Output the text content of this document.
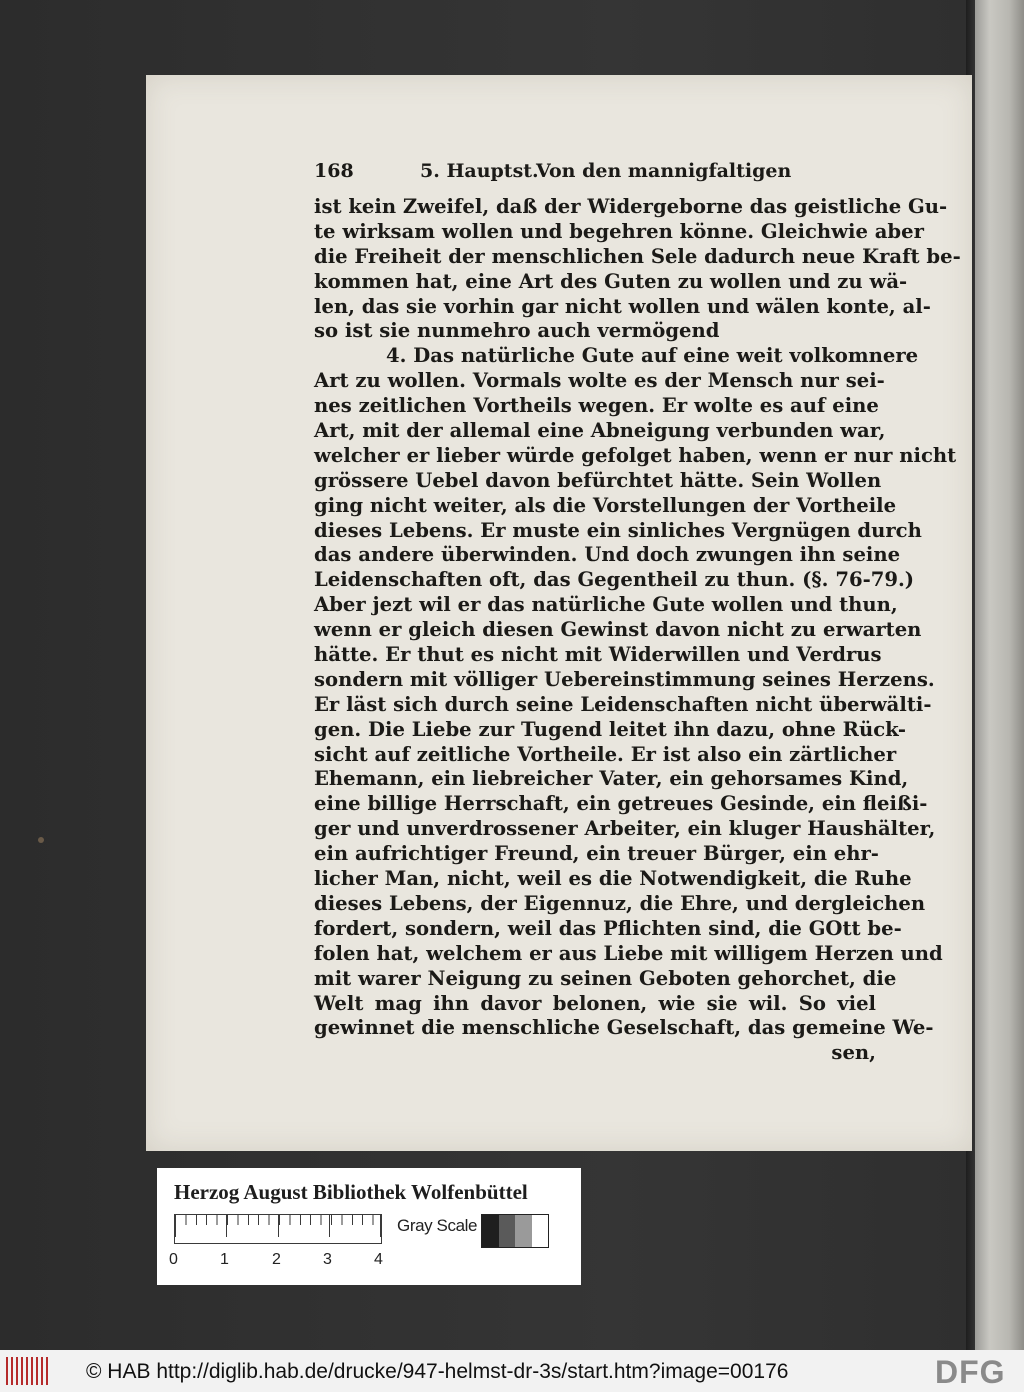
168	5. Hauptst.
Von den mannigfaltigen
ist kein Zweifel, daß der Widergeborne das geistliche Gu-
te wirksam wollen und begehren könne. Gleichwie aber
die Freiheit der menschlichen Sele dadurch neue Kraft be-
kommen hat, eine Art des Guten zu wollen und zu wä-
len, das sie vorhin gar nicht wollen und wälen konte, al-
so ist sie nunmehro auch vermögend
4. Das natürliche Gute auf eine weit volkomnere
Art zu wollen. Vormals wolte es der Mensch nur sei-
nes zeitlichen Vortheils wegen. Er wolte es auf eine
Art, mit der allemal eine Abneigung verbunden war,
welcher er lieber würde gefolget haben, wenn er nur nicht
grössere Uebel davon befürchtet hätte. Sein Wollen
ging nicht weiter, als die Vorstellungen der Vortheile
dieses Lebens. Er muste ein sinliches Vergnügen durch
das andere überwinden. Und doch zwungen ihn seine
Leidenschaften oft, das Gegentheil zu thun. (§. 76-79.)
Aber jezt wil er das natürliche Gute wollen und thun,
wenn er gleich diesen Gewinst davon nicht zu erwarten
hätte. Er thut es nicht mit Widerwillen und Verdrus
sondern mit völliger Uebereinstimmung seines Herzens.
Er läst sich durch seine Leidenschaften nicht überwälti-
gen. Die Liebe zur Tugend leitet ihn dazu, ohne Rück-
sicht auf zeitliche Vortheile. Er ist also ein zärtlicher
Ehemann, ein liebreicher Vater, ein gehorsames Kind,
eine billige Herrschaft, ein getreues Gesinde, ein fleißi-
ger und unverdrossener Arbeiter, ein kluger Haushälter,
ein aufrichtiger Freund, ein treuer Bürger, ein ehr-
licher Man, nicht, weil es die Notwendigkeit, die Ruhe
dieses Lebens, der Eigennuz, die Ehre, und dergleichen
fordert, sondern, weil das Pflichten sind, die GOtt be-
folen hat, welchem er aus Liebe mit willigem Herzen und
mit warer Neigung zu seinen Geboten gehorchet, die
Welt mag ihn davor belonen, wie sie wil. So viel
gewinnet die menschliche Geselschaft, das gemeine We-
sen,
Herzog August Bibliothek Wolfenbüttel
0	1	2	3	4
Gray Scale
© HAB http://diglib.hab.de/drucke/947-helmst-dr-3s/start.htm?image=00176	DFG
